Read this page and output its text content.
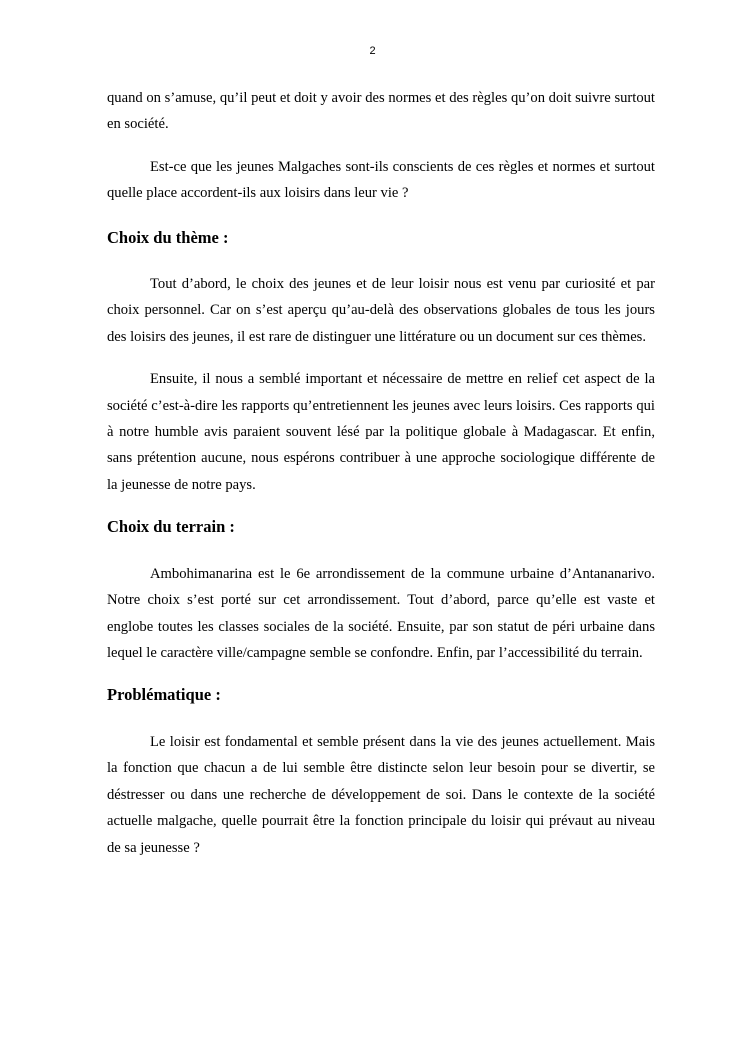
2

quand on s’amuse, qu’il peut et doit y avoir des normes et des règles qu’on doit suivre surtout en société.

Est-ce que les jeunes Malgaches sont-ils conscients de ces règles et normes et surtout quelle place accordent-ils aux loisirs dans leur vie ?

Choix du thème :

Tout d’abord, le choix des jeunes et de leur loisir nous est venu par curiosité et par choix personnel. Car on s’est aperçu qu’au-delà des observations globales de tous les jours des loisirs des jeunes, il est rare de distinguer une littérature ou un document sur ces thèmes.

Ensuite, il nous a semblé important et nécessaire de mettre en relief cet aspect de la société c’est-à-dire les rapports qu’entretiennent les jeunes avec leurs loisirs. Ces rapports qui à notre humble avis paraient souvent lésé par la politique globale à Madagascar. Et enfin, sans prétention aucune, nous espérons contribuer à une approche sociologique différente de la jeunesse de notre pays.

Choix du terrain :

Ambohimanarina est le 6e arrondissement de la commune urbaine d’Antananarivo. Notre choix s’est porté sur cet arrondissement. Tout d’abord, parce qu’elle est vaste et englobe toutes les classes sociales de la société. Ensuite, par son statut de péri urbaine dans lequel le caractère ville/campagne semble se confondre. Enfin, par l’accessibilité du terrain.

Problématique :

Le loisir est fondamental et semble présent dans la vie des jeunes actuellement. Mais la fonction que chacun a de lui semble être distincte selon leur besoin pour se divertir, se déstresser ou dans une recherche de développement de soi. Dans le contexte de la société actuelle malgache, quelle pourrait être la fonction principale du loisir qui prévaut au niveau de sa jeunesse ?
